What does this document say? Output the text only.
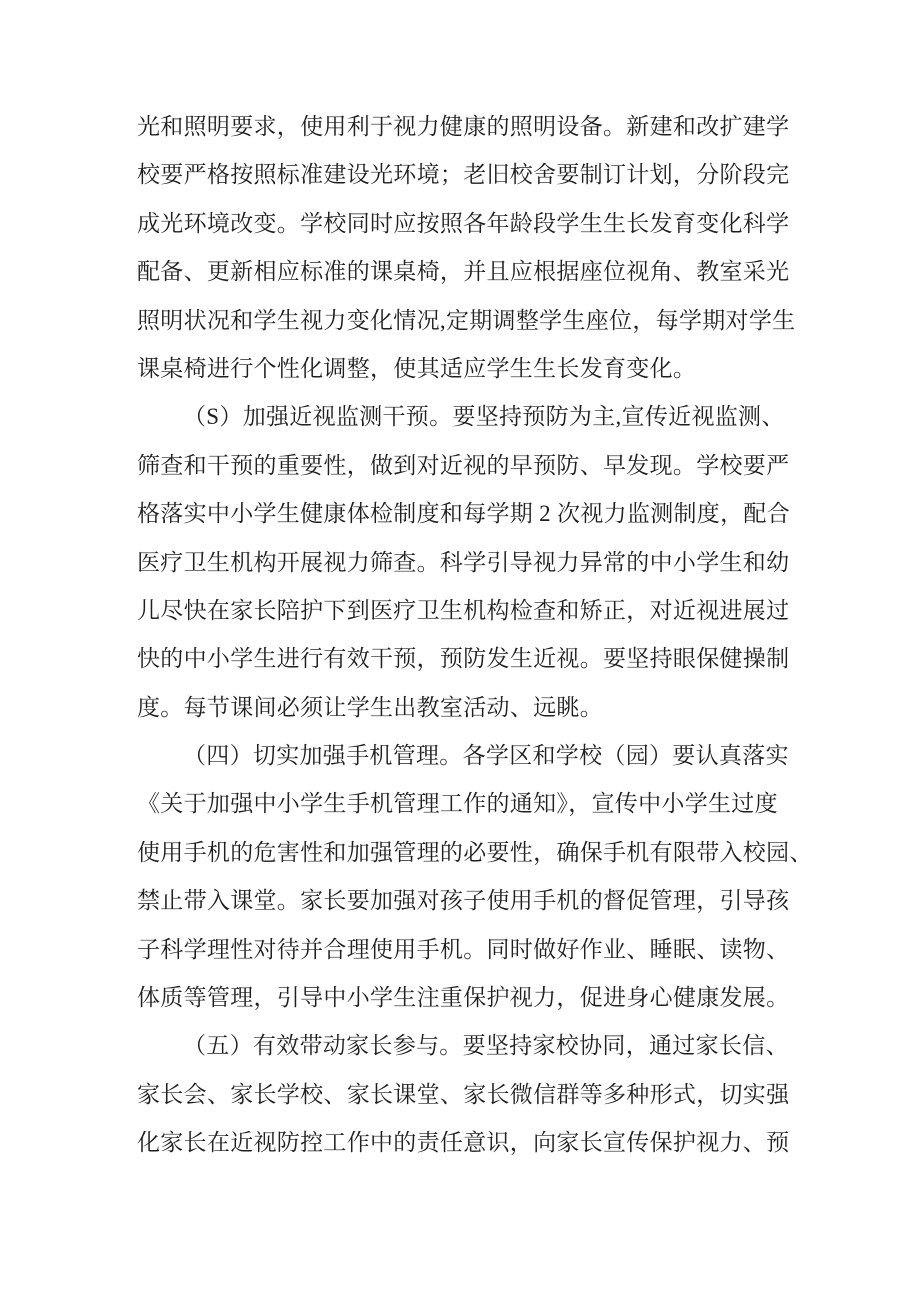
光和照明要求，使用利于视力健康的照明设备。新建和改扩建学
校要严格按照标准建设光环境；老旧校舍要制订计划，分阶段完
成光环境改变。学校同时应按照各年龄段学生生长发育变化科学
配备、更新相应标准的课桌椅，并且应根据座位视角、教室采光
照明状况和学生视力变化情况,定期调整学生座位，每学期对学生
课桌椅进行个性化调整，使其适应学生生长发育变化。
（S）加强近视监测干预。要坚持预防为主,宣传近视监测、
筛查和干预的重要性，做到对近视的早预防、早发现。学校要严
格落实中小学生健康体检制度和每学期 2 次视力监测制度，配合
医疗卫生机构开展视力筛查。科学引导视力异常的中小学生和幼
儿尽快在家长陪护下到医疗卫生机构检查和矫正，对近视进展过
快的中小学生进行有效干预，预防发生近视。要坚持眼保健操制
度。每节课间必须让学生出教室活动、远眺。
（四）切实加强手机管理。各学区和学校（园）要认真落实
《关于加强中小学生手机管理工作的通知》，宣传中小学生过度
使用手机的危害性和加强管理的必要性，确保手机有限带入校园、
禁止带入课堂。家长要加强对孩子使用手机的督促管理，引导孩
子科学理性对待并合理使用手机。同时做好作业、睡眠、读物、
体质等管理，引导中小学生注重保护视力，促进身心健康发展。
（五）有效带动家长参与。要坚持家校协同，通过家长信、
家长会、家长学校、家长课堂、家长微信群等多种形式，切实强
化家长在近视防控工作中的责任意识，向家长宣传保护视力、预
